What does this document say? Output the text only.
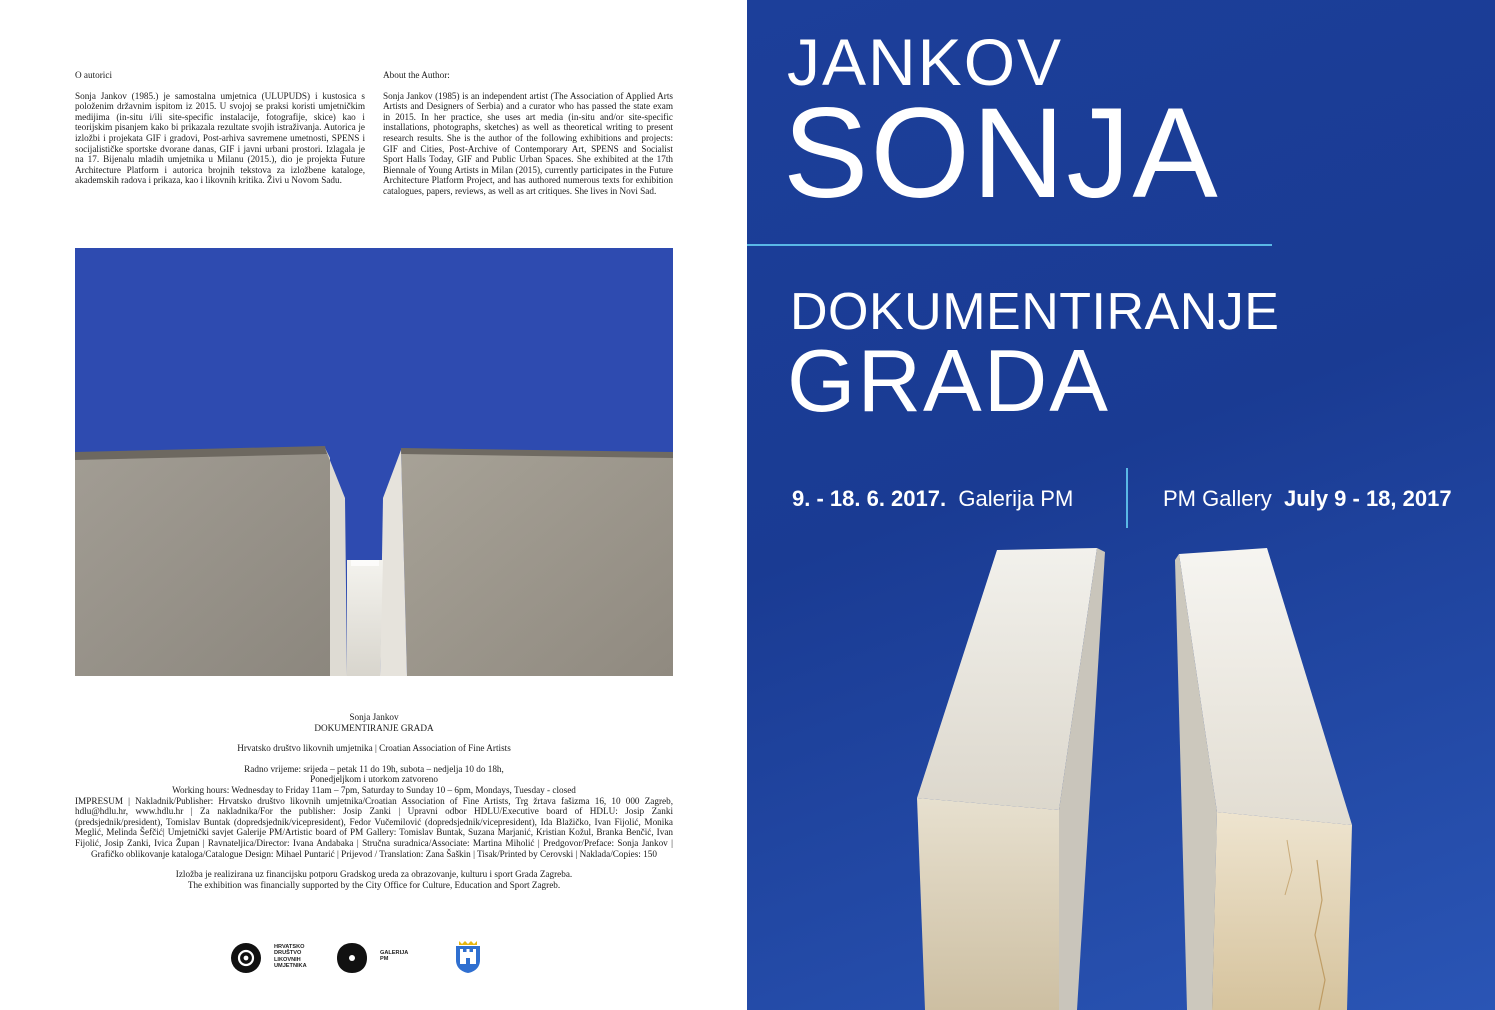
O autorici
Sonja Jankov (1985.) je samostalna umjetnica (ULUPUDS) i kustosica s položenim državnim ispitom iz 2015. U svojoj se praksi koristi umjetničkim medijima (in-situ i/ili site-specific instalacije, fotografije, skice) kao i teorijskim pisanjem kako bi prikazala rezultate svojih istraživanja. Autorica je izložbi i projekata GIF i gradovi, Post-arhiva savremene umetnosti, SPENS i socijalističke sportske dvorane danas, GIF i javni urbani prostori. Izlagala je na 17. Bijenalu mladih umjetnika u Milanu (2015.), dio je projekta Future Architecture Platform i autorica brojnih tekstova za izložbene kataloge, akademskih radova i prikaza, kao i likovnih kritika. Živi u Novom Sadu.
About the Author:
Sonja Jankov (1985) is an independent artist (The Association of Applied Arts Artists and Designers of Serbia) and a curator who has passed the state exam in 2015. In her practice, she uses art media (in-situ and/or site-specific installations, photographs, sketches) as well as theoretical writing to present research results. She is the author of the following exhibitions and projects: GIF and Cities, Post-Archive of Contemporary Art, SPENS and Socialist Sport Halls Today, GIF and Public Urban Spaces. She exhibited at the 17th Biennale of Young Artists in Milan (2015), currently participates in the Future Architecture Platform Project, and has authored numerous texts for exhibition catalogues, papers, reviews, as well as art critiques. She lives in Novi Sad.

Sonja Jankov

DOKUMENTIRANJE GRADA

Hrvatsko društvo likovnih umjetnika | Croatian Association of Fine Artists

Radno vrijeme: srijeda – petak 11 do 19h, subota – nedjelja 10 do 18h,

Ponedjeljkom i utorkom zatvoreno

Working hours: Wednesday to Friday 11am – 7pm, Saturday to Sunday 10 – 6pm, Mondays, Tuesday - closed

IMPRESUM | Nakladnik/Publisher: Hrvatsko društvo likovnih umjetnika/Croatian Association of Fine Artists, Trg žrtava fašizma 16, 10 000 Zagreb, hdlu@hdlu.hr, www.hdlu.hr | Za nakladnika/For the publisher: Josip Zanki | Upravni odbor HDLU/Executive board of HDLU: Josip Zanki (predsjednik/president), Tomislav Buntak (dopredsjednik/vicepresident), Fedor Vučemilović (dopredsjednik/vicepresident), Ida Blažičko, Ivan Fijolić, Monika Meglić, Melinda Šefčić| Umjetnički savjet Galerije PM/Artistic board of PM Gallery: Tomislav Buntak, Suzana Marjanić, Kristian Kožul, Branka Benčić, Ivan Fijolić, Josip Zanki, Ivica Župan | Ravnateljica/Director: Ivana Andabaka | Stručna suradnica/Associate: Martina Miholić | Predgovor/Preface: Sonja Jankov | Grafičko oblikovanje kataloga/Catalogue Design: Mihael Puntarić | Prijevod / Translation: Zana Šaškin | Tisak/Printed by Cerovski | Naklada/Copies: 150

Izložba je realizirana uz financijsku potporu Gradskog ureda za obrazovanje, kulturu i sport Grada Zagreba.

The exhibition was financially supported by the City Office for Culture, Education and Sport Zagreb.

HRVATSKO
DRUŠTVO
LIKOVNIH
UMJETNIKA
GALERIJA
PM
JANKOV
SONJA
DOKUMENTIRANJE
GRADA
9. - 18. 6. 2017. Galerija PM	PM Gallery July 9 - 18, 2017
